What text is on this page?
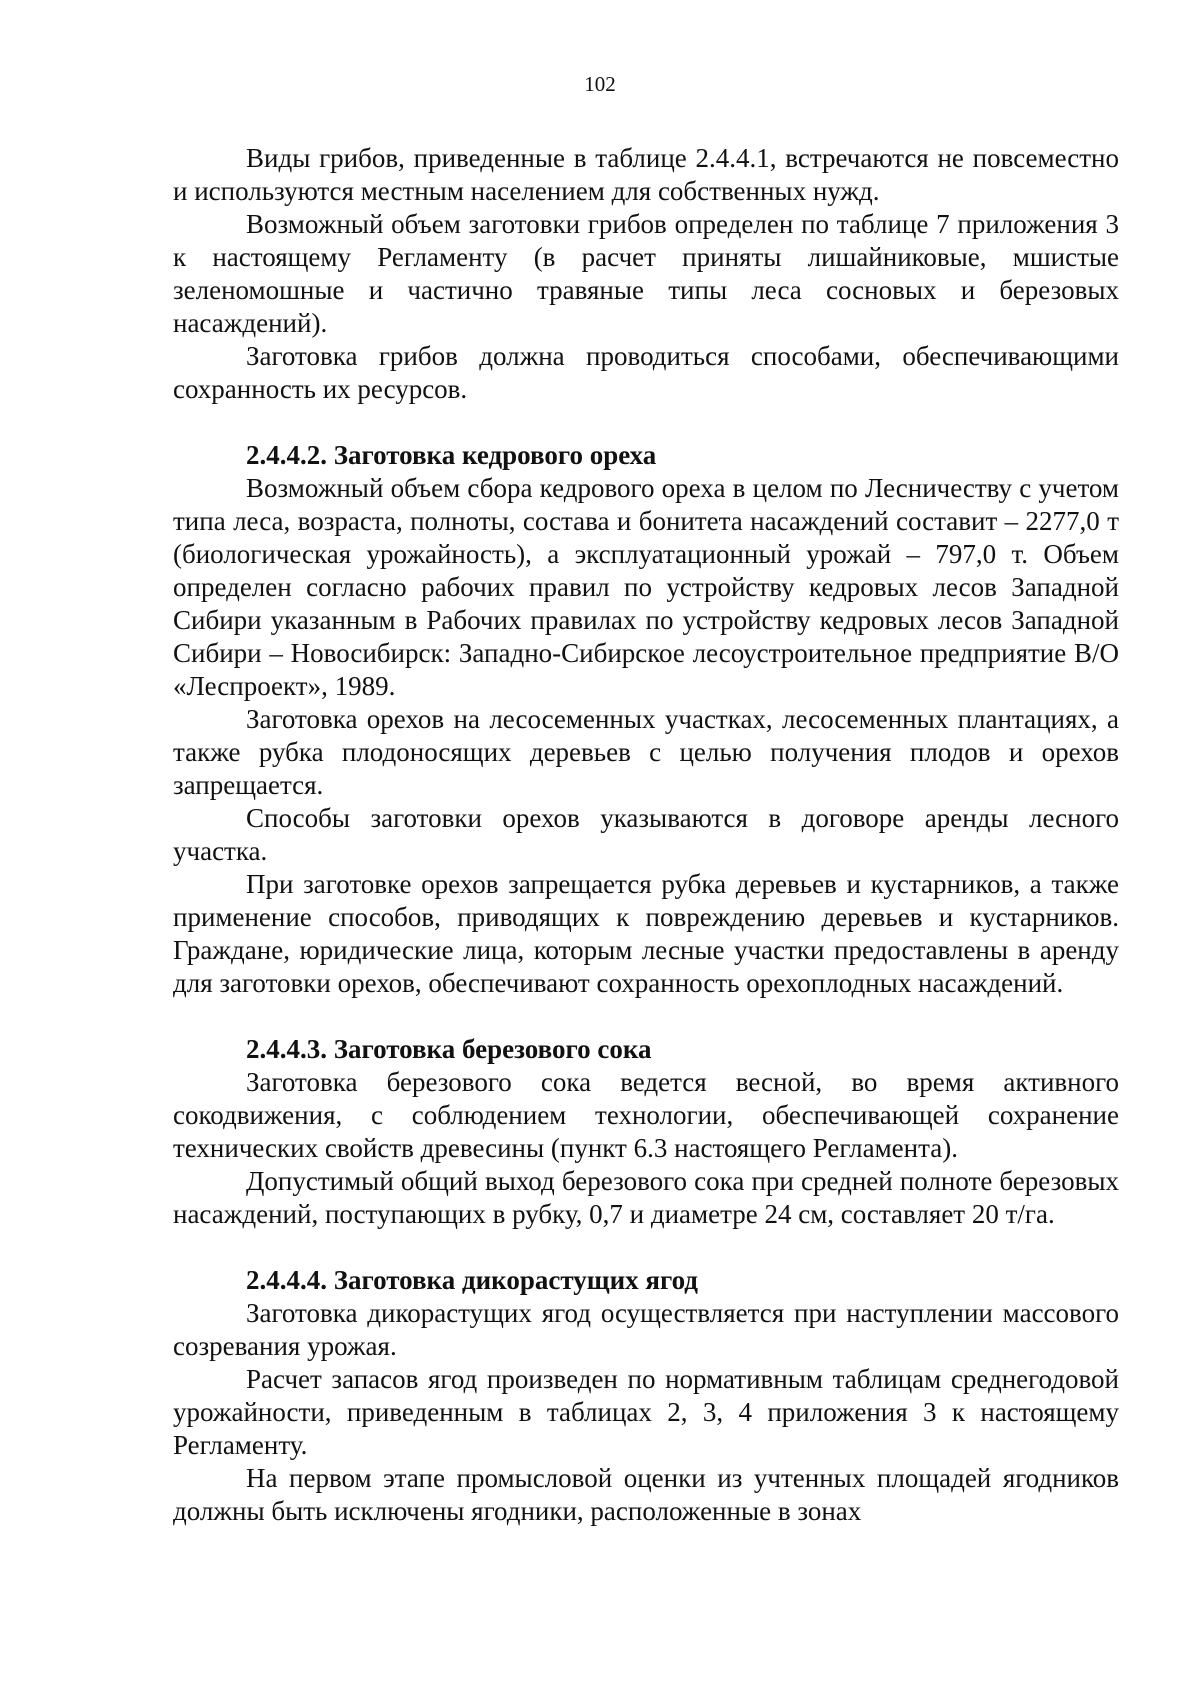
102

Виды грибов, приведенные в таблице 2.4.4.1, встречаются не повсеместно и используются местным населением для собственных нужд.

Возможный объем заготовки грибов определен по таблице 7 приложения 3 к настоящему Регламенту (в расчет приняты лишайниковые, мшистые зеленомошные и частично травяные типы леса сосновых и березовых насаждений).

Заготовка грибов должна проводиться способами, обеспечивающими сохранность их ресурсов.

2.4.4.2. Заготовка кедрового ореха

Возможный объем сбора кедрового ореха в целом по Лесничеству с учетом типа леса, возраста, полноты, состава и бонитета насаждений составит – 2277,0 т (биологическая урожайность), а эксплуатационный урожай – 797,0 т. Объем определен согласно рабочих правил по устройству кедровых лесов Западной Сибири указанным в Рабочих правилах по устройству кедровых лесов Западной Сибири – Новосибирск: Западно-Сибирское лесоустроительное предприятие В/О «Леспроект», 1989.

Заготовка орехов на лесосеменных участках, лесосеменных плантациях, а также рубка плодоносящих деревьев с целью получения плодов и орехов запрещается.

Способы заготовки орехов указываются в договоре аренды лесного участка.

При заготовке орехов запрещается рубка деревьев и кустарников, а также применение способов, приводящих к повреждению деревьев и кустарников. Граждане, юридические лица, которым лесные участки предоставлены в аренду для заготовки орехов, обеспечивают сохранность орехоплодных насаждений.

2.4.4.3. Заготовка березового сока

Заготовка березового сока ведется весной, во время активного сокодвижения, с соблюдением технологии, обеспечивающей сохранение технических свойств древесины (пункт 6.3 настоящего Регламента).

Допустимый общий выход березового сока при средней полноте березовых насаждений, поступающих в рубку, 0,7 и диаметре 24 см, составляет 20 т/га.

2.4.4.4. Заготовка дикорастущих ягод

Заготовка дикорастущих ягод осуществляется при наступлении массового созревания урожая.

Расчет запасов ягод произведен по нормативным таблицам среднегодовой урожайности, приведенным в таблицах 2, 3, 4 приложения 3 к настоящему Регламенту.

На первом этапе промысловой оценки из учтенных площадей ягодников должны быть исключены ягодники, расположенные в зонах
